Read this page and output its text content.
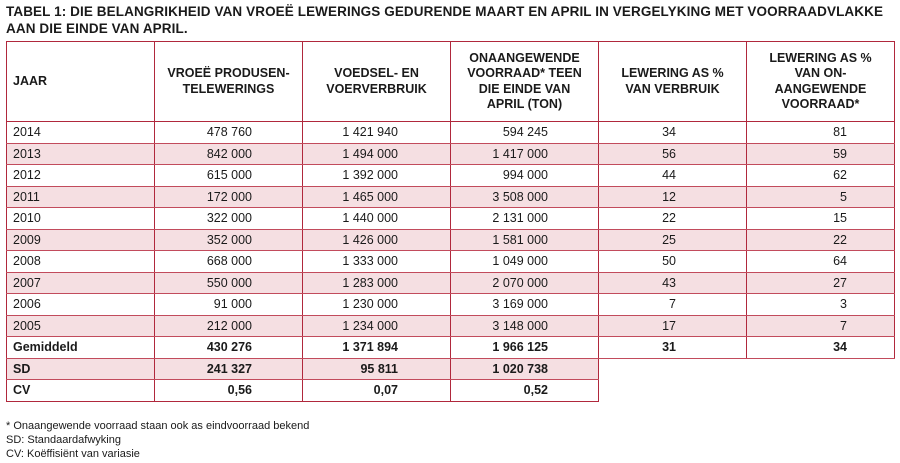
TABEL 1: DIE BELANGRIKHEID VAN VROEË LEWERINGS GEDURENDE MAART EN APRIL IN VERGELYKING MET VOORRAADVLAKKE AAN DIE EINDE VAN APRIL.
JAAR	VROEË PRODUSEN-TELEWERINGS	VOEDSEL- EN VOERVERBRUIK	ONAANGEWENDE VOORRAAD* TEEN DIE EINDE VAN APRIL (TON)	LEWERING AS % VAN VERBRUIK	LEWERING AS % VAN ON-AANGEWENDE VOORRAAD*
2014	478 760	1 421 940	594 245	34	81
2013	842 000	1 494 000	1 417 000	56	59
2012	615 000	1 392 000	994 000	44	62
2011	172 000	1 465 000	3 508 000	12	5
2010	322 000	1 440 000	2 131 000	22	15
2009	352 000	1 426 000	1 581 000	25	22
2008	668 000	1 333 000	1 049 000	50	64
2007	550 000	1 283 000	2 070 000	43	27
2006	91 000	1 230 000	3 169 000	7	3
2005	212 000	1 234 000	3 148 000	17	7
Gemiddeld	430 276	1 371 894	1 966 125	31	34
SD	241 327	95 811	1 020 738		
CV	0,56	0,07	0,52		
* Onaangewende voorraad staan ook as eindvoorraad bekend
SD: Standaardafwyking
CV: Koëffisiënt van variasie
